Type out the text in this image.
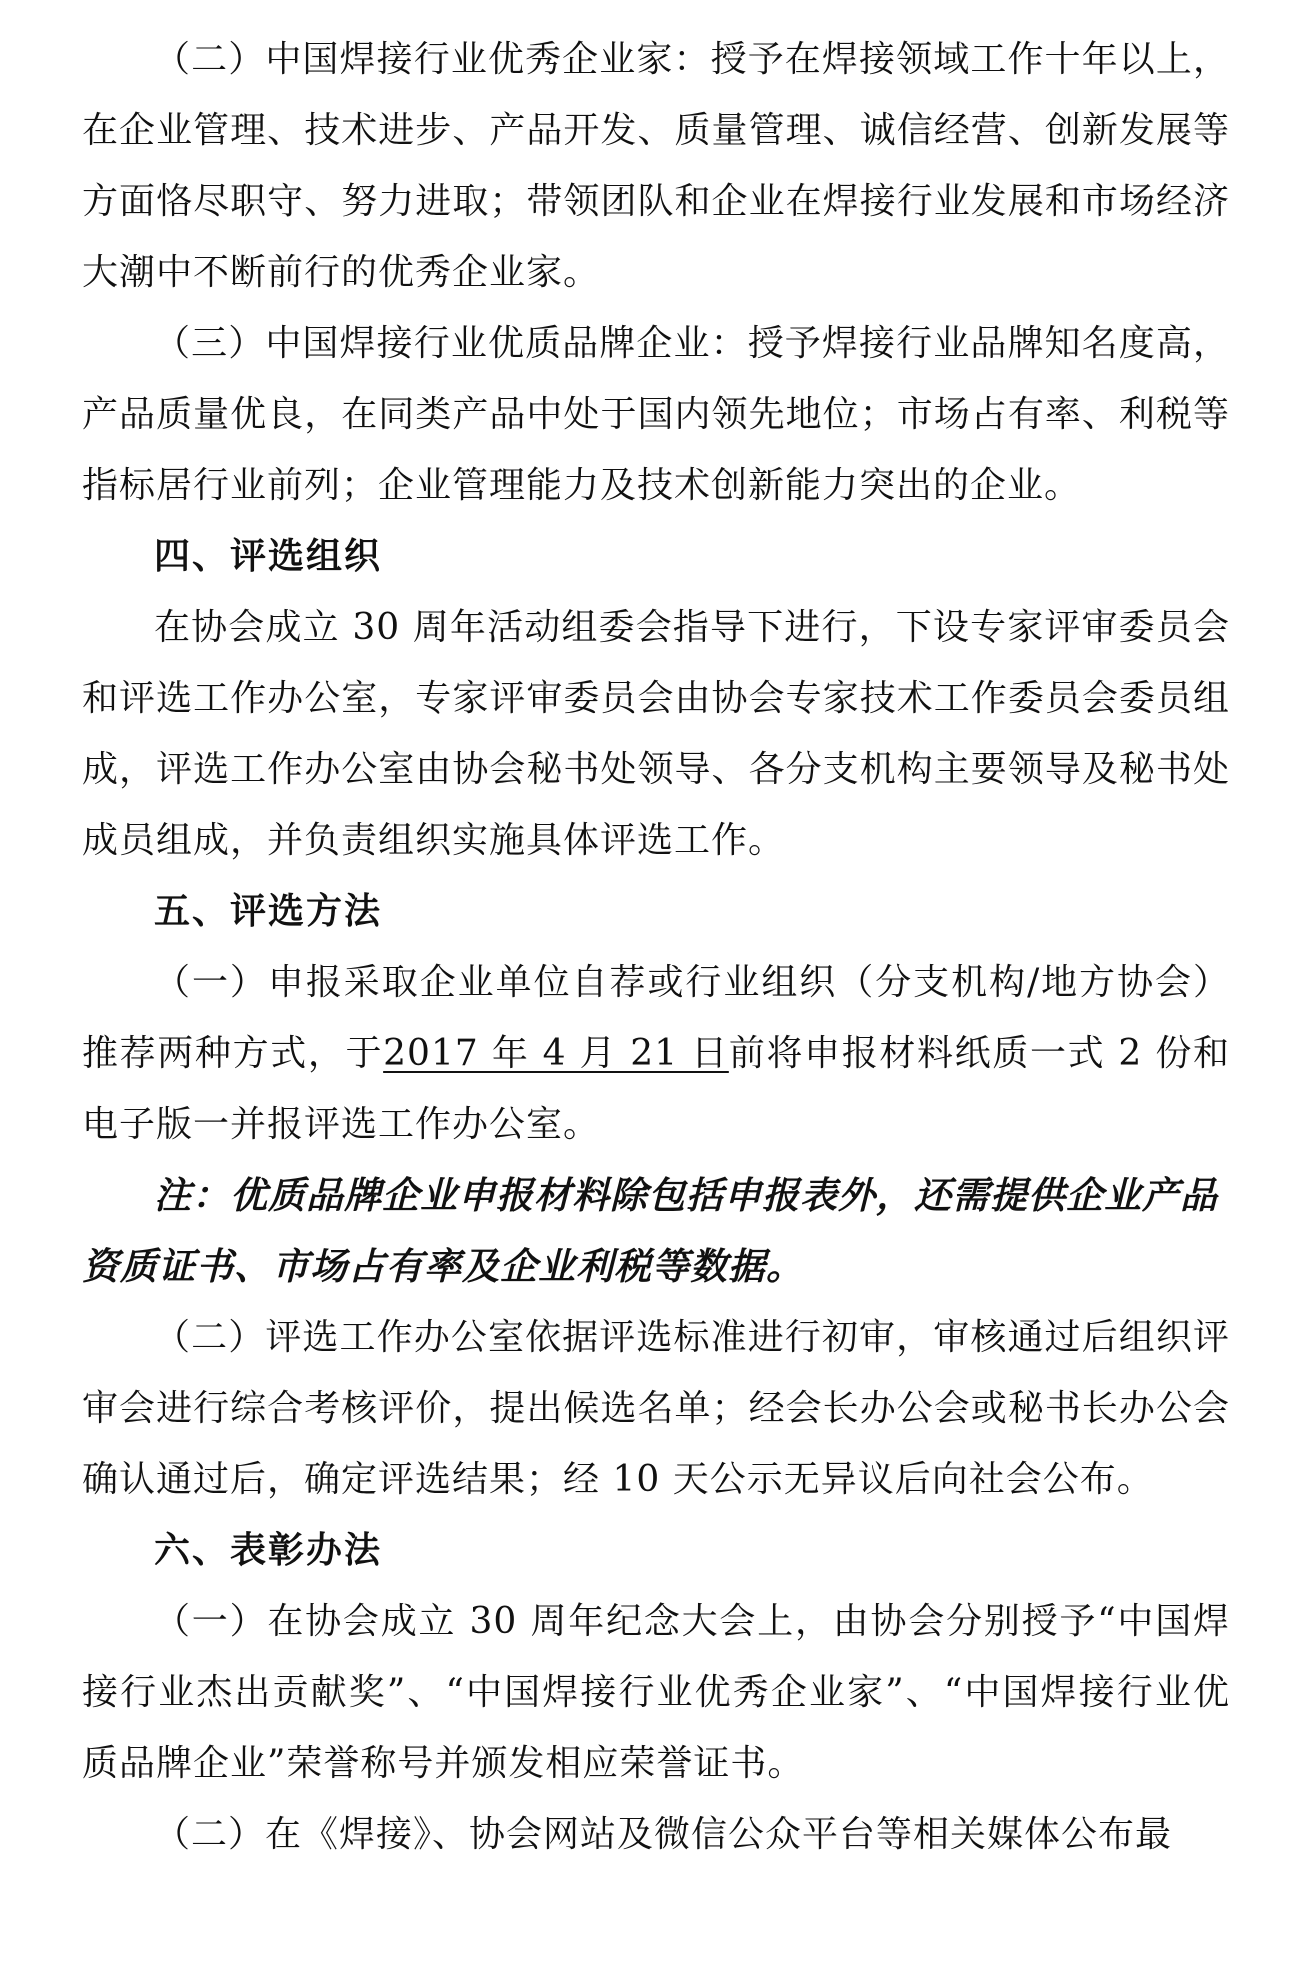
（二）中国焊接行业优秀企业家：授予在焊接领域工作十年以上，在企业管理、技术进步、产品开发、质量管理、诚信经营、创新发展等方面恪尽职守、努力进取；带领团队和企业在焊接行业发展和市场经济大潮中不断前行的优秀企业家。

（三）中国焊接行业优质品牌企业：授予焊接行业品牌知名度高，产品质量优良，在同类产品中处于国内领先地位；市场占有率、利税等指标居行业前列；企业管理能力及技术创新能力突出的企业。

四、评选组织

在协会成立 30 周年活动组委会指导下进行，下设专家评审委员会和评选工作办公室，专家评审委员会由协会专家技术工作委员会委员组成，评选工作办公室由协会秘书处领导、各分支机构主要领导及秘书处成员组成，并负责组织实施具体评选工作。

五、评选方法

（一）申报采取企业单位自荐或行业组织（分支机构/地方协会）推荐两种方式，于2017 年 4 月 21 日前将申报材料纸质一式 2 份和电子版一并报评选工作办公室。

注：优质品牌企业申报材料除包括申报表外，还需提供企业产品资质证书、市场占有率及企业利税等数据。

（二）评选工作办公室依据评选标准进行初审，审核通过后组织评审会进行综合考核评价，提出候选名单；经会长办公会或秘书长办公会确认通过后，确定评选结果；经 10 天公示无异议后向社会公布。

六、表彰办法

（一）在协会成立 30 周年纪念大会上，由协会分别授予“中国焊接行业杰出贡献奖”、“中国焊接行业优秀企业家”、“中国焊接行业优质品牌企业”荣誉称号并颁发相应荣誉证书。

（二）在《焊接》、协会网站及微信公众平台等相关媒体公布最
